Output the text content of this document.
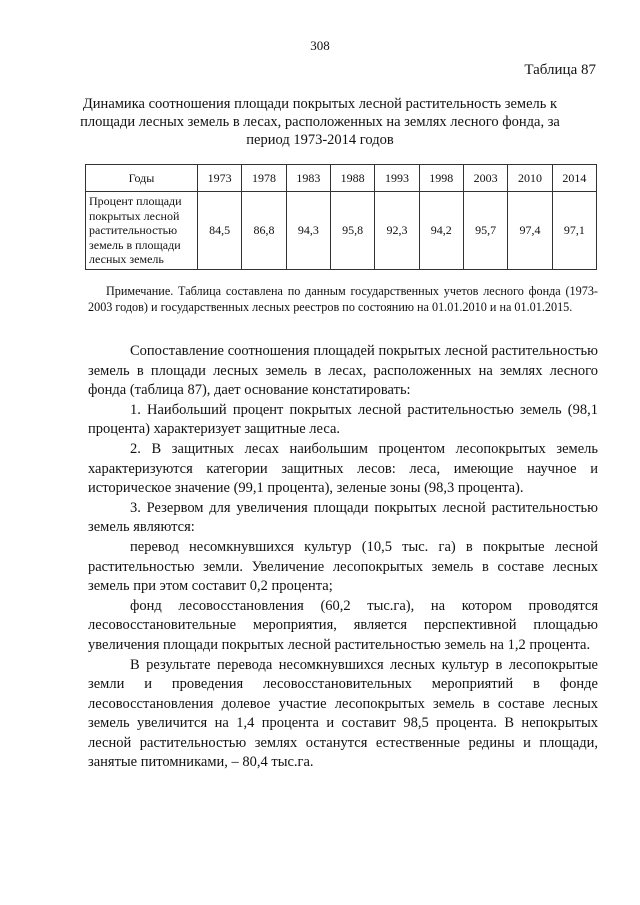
308
Таблица 87
Динамика соотношения площади покрытых лесной растительность земель к площади лесных земель в лесах, расположенных на землях лесного фонда, за период 1973-2014 годов
Годы	1973	1978	1983	1988	1993	1998	2003	2010	2014
Процент площади покрытых лесной растительностью земель в площади лесных земель	84,5	86,8	94,3	95,8	92,3	94,2	95,7	97,4	97,1
Примечание. Таблица составлена по данным государственных учетов лесного фонда (1973-2003 годов) и государственных лесных реестров по состоянию на 01.01.2010 и на 01.01.2015.

Сопоставление соотношения площадей покрытых лесной растительностью земель в площади лесных земель в лесах, расположенных на землях лесного фонда (таблица 87), дает основание констатировать:

1. Наибольший процент покрытых лесной растительностью земель (98,1 процента) характеризует защитные леса.

2. В защитных лесах наибольшим процентом лесопокрытых земель характеризуются категории защитных лесов: леса, имеющие научное и историческое значение (99,1 процента), зеленые зоны (98,3 процента).

3. Резервом для увеличения площади покрытых лесной растительностью земель являются:

перевод несомкнувшихся культур (10,5 тыс. га) в покрытые лесной растительностью земли. Увеличение лесопокрытых земель в составе лесных земель при этом составит 0,2 процента;

фонд лесовосстановления (60,2 тыс.га), на котором проводятся лесовосстановительные мероприятия, является перспективной площадью увеличения площади покрытых лесной растительностью земель на 1,2 процента.

В результате перевода несомкнувшихся лесных культур в лесопокрытые земли и проведения лесовосстановительных мероприятий в фонде лесовосстановления долевое участие лесопокрытых земель в составе лесных земель увеличится на 1,4 процента и составит 98,5 процента. В непокрытых лесной растительностью землях останутся естественные редины и площади, занятые питомниками, – 80,4 тыс.га.
